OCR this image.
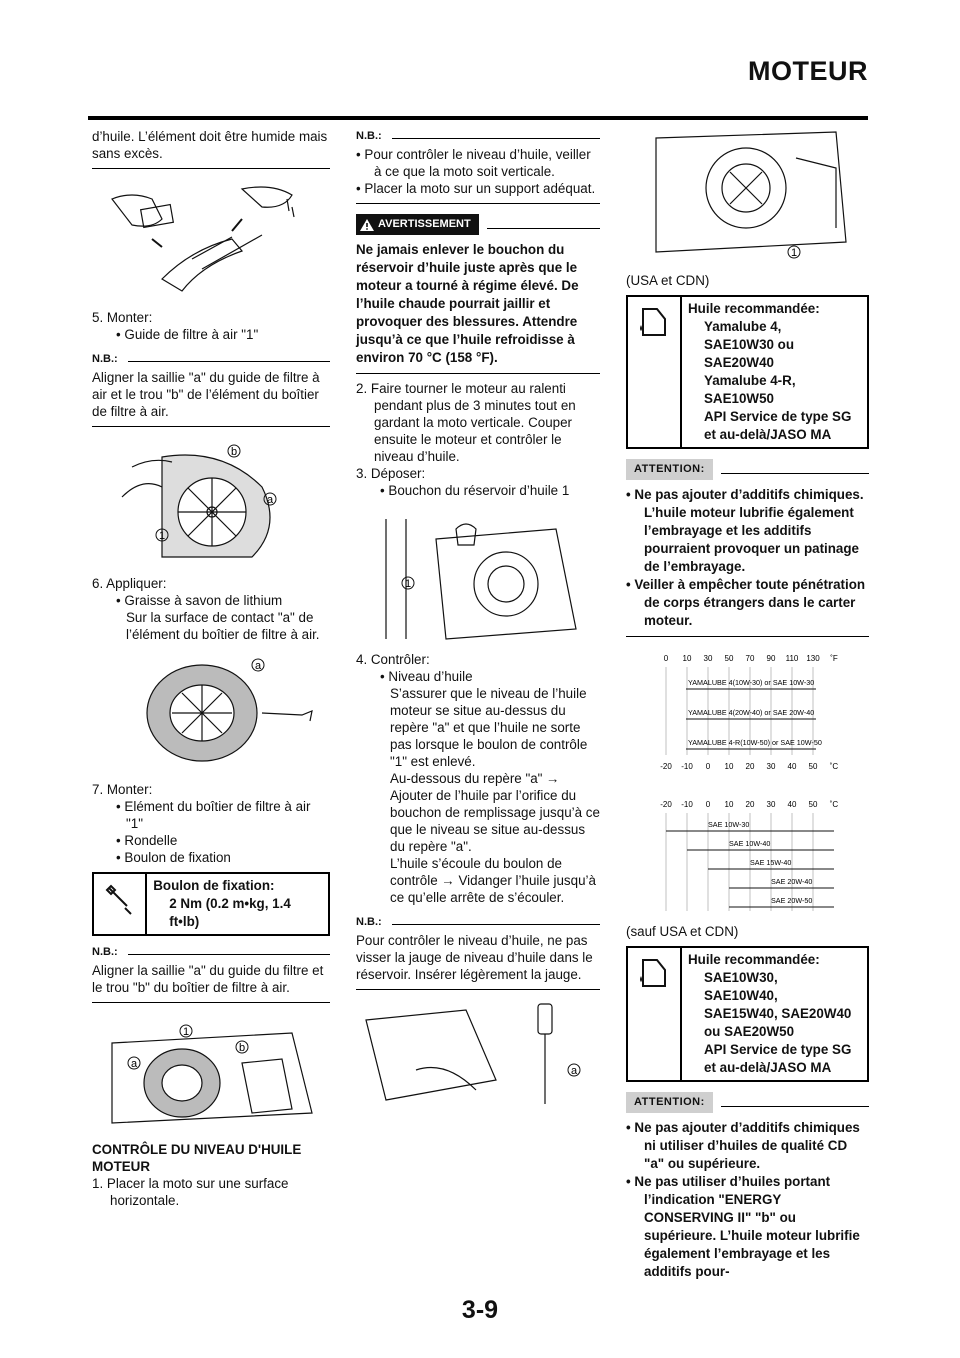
MOTEUR

d’huile. L’élément doit être humide mais sans excès.

5. Monter:

• Guide de filtre à air "1"

N.B.:

Aligner la saillie "a" du guide de filtre à air et le trou "b" de l’élément du boîtier de filtre à air.

b
a
1

6. Appliquer:

• Graisse à savon de lithium

Sur la surface de contact "a" de l’élément du boîtier de filtre à air.

a

7. Monter:

• Elément du boîtier de filtre à air "1"

• Rondelle

• Boulon de fixation

Boulon de fixation:
2 Nm (0.2 m•kg, 1.4 ft•lb)

N.B.:

Aligner la saillie "a" du guide du filtre et le trou "b" du boîtier de filtre à air.

1
b
a

CONTRÔLE DU NIVEAU D'HUILE MOTEUR

1. Placer la moto sur une surface horizontale.

N.B.:

• Pour contrôler le niveau d’huile, veiller à ce que la moto soit verticale.

• Placer la moto sur un support adéquat.

AVERTISSEMENT

Ne jamais enlever le bouchon du réservoir d’huile juste après que le moteur a tourné à régime élevé. De l’huile chaude pourrait jaillir et provoquer des blessures. Attendre jusqu’à ce que l’huile refroidisse à environ 70 °C (158 °F).

2. Faire tourner le moteur au ralenti pendant plus de 3 minutes tout en gardant la moto verticale. Couper ensuite le moteur et contrôler le niveau d’huile.

3. Déposer:

• Bouchon du réservoir d’huile 1

1

4. Contrôler:

• Niveau d’huile

S’assurer que le niveau de l’huile moteur se situe au-dessus du repère "a" et que l’huile ne sorte pas lorsque le boulon de contrôle "1" est enlevé.

Au-dessous du repère "a" →

Ajouter de l’huile par l’orifice du bouchon de remplissage jusqu’à ce que le niveau se situe au-dessus du repère "a".

L’huile s’écoule du boulon de contrôle → Vidanger l’huile jusqu’à ce qu’elle arrête de s’écouler.

N.B.:

Pour contrôler le niveau d’huile, ne pas visser la jauge de niveau d’huile dans le réservoir. Insérer légèrement la jauge.

a
1

(USA et CDN)

Huile recommandée:
Yamalube 4,
SAE10W30 ou
SAE20W40
Yamalube 4-R,
SAE10W50
API Service de type SG
et au-delà/JASO MA
ATTENTION:

• Ne pas ajouter d’additifs chimiques. L’huile moteur lubrifie également l’embrayage et les additifs pourraient provoquer un patinage de l’embrayage.

• Veiller à empêcher toute pénétration de corps étrangers dans le carter moteur.

0 10 30 50 70 90 110 130 ˚F
-20 -10 0 10 20 30 40 50 ˚C
YAMALUBE 4(10W-30) or SAE 10W-30
YAMALUBE 4(20W-40) or SAE 20W-40
YAMALUBE 4-R(10W-50) or SAE 10W-50
-20 -10 0 10 20 30 40 50 ˚C
SAE 10W-30
SAE 10W-40
SAE 15W-40
SAE 20W-40
SAE 20W-50

(sauf USA et CDN)

Huile recommandée:
SAE10W30,
SAE10W40,
SAE15W40, SAE20W40
ou SAE20W50
API Service de type SG
et au-delà/JASO MA
ATTENTION:

• Ne pas ajouter d’additifs chimiques ni utiliser d’huiles de qualité CD "a" ou supérieure.

• Ne pas utiliser d’huiles portant l’indication "ENERGY CONSERVING II" "b" ou supérieure. L’huile moteur lubrifie également l’embrayage et les additifs pour-

3-9
